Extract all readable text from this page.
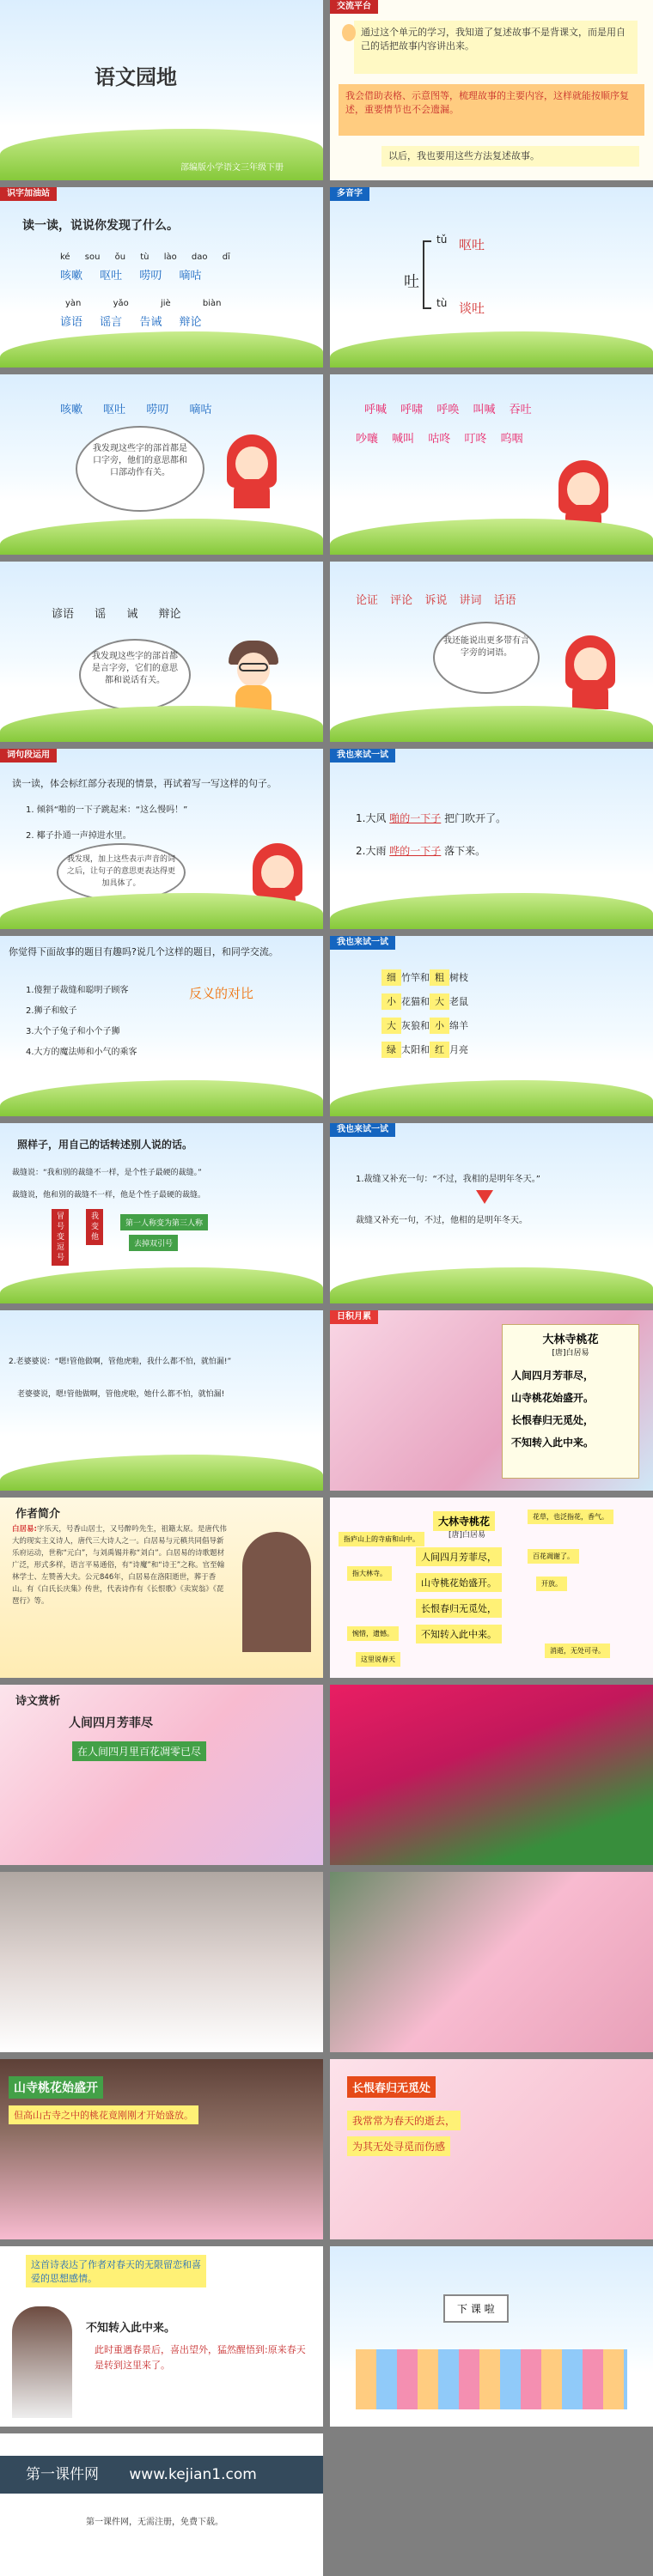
语文园地
部编版小学语文三年级下册
交流平台
通过这个单元的学习，我知道了复述故事不是背课文，而是用自己的话把故事内容讲出来。
我会借助表格、示意图等，梳理故事的主要内容，这样就能按顺序复述，重要情节也不会遗漏。
以后，我也要用这些方法复述故事。
识字加油站
读一读，说说你发现了什么。
ké sou ǒu tù lào dao dī
咳嗽 呕吐 唠叨 嘀咕
yàn	yǎo	jiè	biàn
谚语 谣言 告诫 辩论
多音字
吐
tǔ 呕吐
tù 谈吐
咳嗽 呕吐 唠叨 嘀咕
我发现这些字的部首都是口字旁，他们的意思都和口部动作有关。
呼喊 呼啸 呼唤 叫喊 吞吐
吵嚷 喊叫 咕咚 叮咚 呜咽
谚语 谣 诫 辩论
我发现这些字的部首都是言字旁，它们的意思都和说话有关。
论证 评论 诉说 讲词 话语
我还能说出更多带有言字旁的词语。
词句段运用
读一读，体会标红部分表现的情景，再试着写一写这样的句子。
1. 倾斜“啪的一下子跳起来：“这么慢吗！”
2. 椰子扑通一声掉进水里。
我发现，加上这些表示声音的词之后，让句子的意思更表达得更加具体了。
我也来试一试
1.大风 啪的一下子 把门吹开了。
2.大雨 哗的一下子 落下来。
你觉得下面故事的题目有趣吗?说几个这样的题目，和同学交流。
1.傻狸子裁缝和聪明子顾客
2.狮子和蚊子
3.大个子兔子和小个子狮
4.大方的魔法师和小气的乘客
反义的对比
我也来试一试
细 竹竿和 粗 树枝
小 花猫和 大 老鼠
大 灰狼和 小 绵羊
绿 太阳和 红 月亮
照样子，用自己的话转述别人说的话。
裁缝说：“我和别的裁缝不一样，是个性子最硬的裁缝。”
裁缝说，他和别的裁缝不一样，他是个性子最硬的裁缝。
冒号变逗号
我变他
第一人称变为第三人称
去掉双引号
我也来试一试
1.裁缝又补充一句：“不过，我相的是明年冬天。”
裁缝又补充一句，不过，他相的是明年冬天。
2.老婆婆说：“嗯!管他做啊，管他虎啦，我什么都不怕，就怕漏!”
老婆婆说，嗯!管他做啊，管他虎啦，她什么都不怕，就怕漏!
日积月累
大林寺桃花
[唐]白居易
人间四月芳菲尽，
山寺桃花始盛开。
长恨春归无觅处，
不知转入此中来。
作者简介
白居易:字乐天，号香山居士，又号醉吟先生，祖籍太原。是唐代伟大的现实主义诗人，唐代三大诗人之一。白居易与元稹共同倡导新乐府运动，世称“元白”，与刘禹锡并称“刘白”。白居易的诗歌题材广泛，形式多样，语言平易通俗，有“诗魔”和“诗王”之称。官至翰林学士、左赞善大夫。公元846年，白居易在洛阳逝世，葬于香山。有《白氏长庆集》传世，代表诗作有《长恨歌》《卖炭翁》《琵琶行》等。
大林寺桃花
[唐]白居易
人间四月芳菲尽，
山寺桃花始盛开。
长恨春归无觅处，
不知转入此中来。
指庐山上的寺庙和山中。
指大林寺。
百花凋谢了。
开放。
惋惜，遗憾。
消逝，无处可寻。
花草，也泛指花，香气。
这里说春天
诗文赏析
人间四月芳菲尽
在人间四月里百花凋零已尽
山寺桃花始盛开
但高山古寺之中的桃花竟刚刚才开始盛放。
长恨春归无觅处
我常常为春天的逝去，
为其无处寻觅而伤感
这首诗表达了作者对春天的无限留恋和喜爱的思想感情。
不知转入此中来。
此时重遇春景后，喜出望外，猛然醒悟到:原来春天是转到这里来了。
下 课 啦
第一课件网 www.kejian1.com
第一课件网，无需注册，免费下载。
